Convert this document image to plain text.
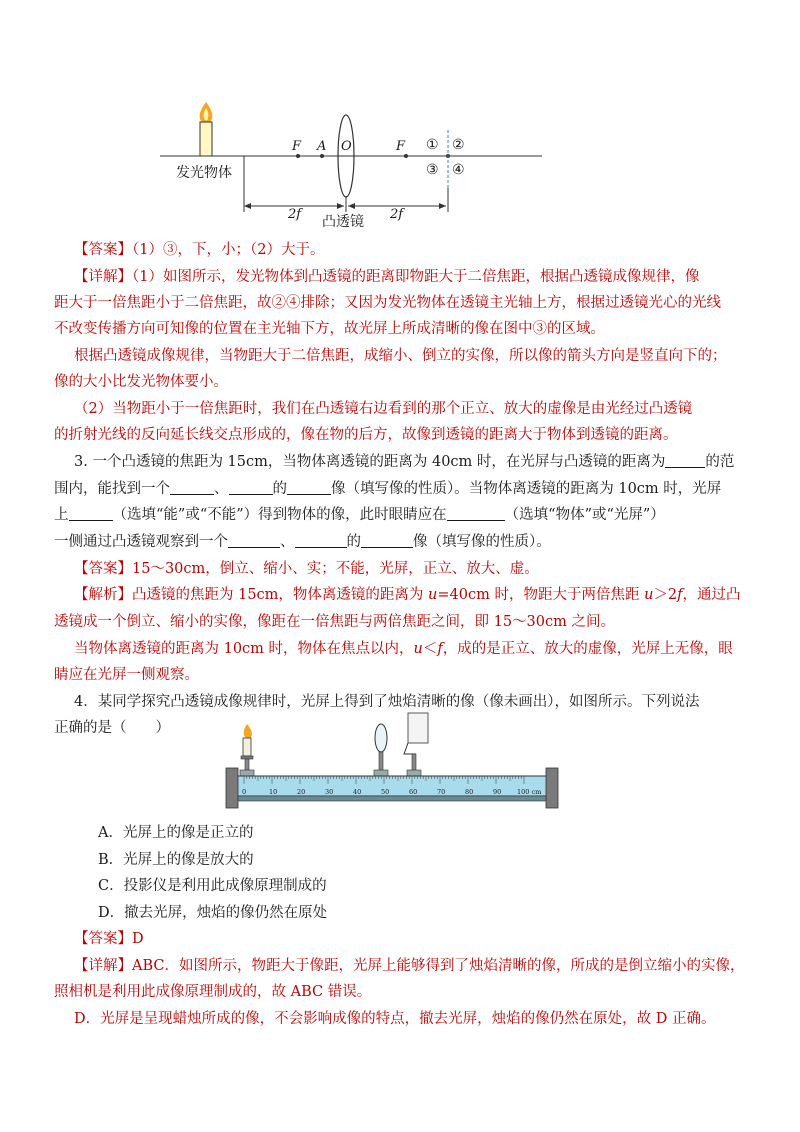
发光物体
F A O	F ① ②
③ ④
2f	2f
凸透镜
【答案】（1）③，下，小；（2）大于。
【详解】（1）如图所示，发光物体到凸透镜的距离即物距大于二倍焦距，根据凸透镜成像规律，像
距大于一倍焦距小于二倍焦距，故②④排除；又因为发光物体在透镜主光轴上方，根据过透镜光心的光线
不改变传播方向可知像的位置在主光轴下方，故光屏上所成清晰的像在图中③的区域。
根据凸透镜成像规律，当物距大于二倍焦距，成缩小、倒立的实像，所以像的箭头方向是竖直向下的；
像的大小比发光物体要小。
（2）当物距小于一倍焦距时，我们在凸透镜右边看到的那个正立、放大的虚像是由光经过凸透镜
的折射光线的反向延长线交点形成的，像在物的后方，故像到透镜的距离大于物体到透镜的距离。
3. 一个凸透镜的焦距为 15cm，当物体离透镜的距离为 40cm 时，在光屏与凸透镜的距离为	的范
围内，能找到一个	、	的	像（填写像的性质）。当物体离透镜的距离为 10cm 时，光屏
上	（选填“能”或“不能”）得到物体的像，此时眼睛应在	（选填“物体”或“光屏”）
一侧通过凸透镜观察到一个	、	的	像（填写像的性质）。
【答案】15～30cm，倒立、缩小、实；不能，光屏，正立、放大、虚。
【解析】凸透镜的焦距为 15cm，物体离透镜的距离为 u=40cm 时，物距大于两倍焦距 u＞2f，通过凸
透镜成一个倒立、缩小的实像，像距在一倍焦距与两倍焦距之间，即 15～30cm 之间。
当物体离透镜的距离为 10cm 时，物体在焦点以内，u＜f，成的是正立、放大的虚像，光屏上无像，眼
睛应在光屏一侧观察。
4．某同学探究凸透镜成像规律时，光屏上得到了烛焰清晰的像（像未画出），如图所示。下列说法
正确的是（　　）
0	10	20	30	40	50	60	70	80	90 100 cm
A．光屏上的像是正立的
B．光屏上的像是放大的
C．投影仪是利用此成像原理制成的
D．撤去光屏，烛焰的像仍然在原处
【答案】D
【详解】ABC．如图所示，物距大于像距，光屏上能够得到了烛焰清晰的像，所成的是倒立缩小的实像，
照相机是利用此成像原理制成的，故 ABC 错误。
D．光屏是呈现蜡烛所成的像，不会影响成像的特点，撤去光屏，烛焰的像仍然在原处，故 D 正确。
